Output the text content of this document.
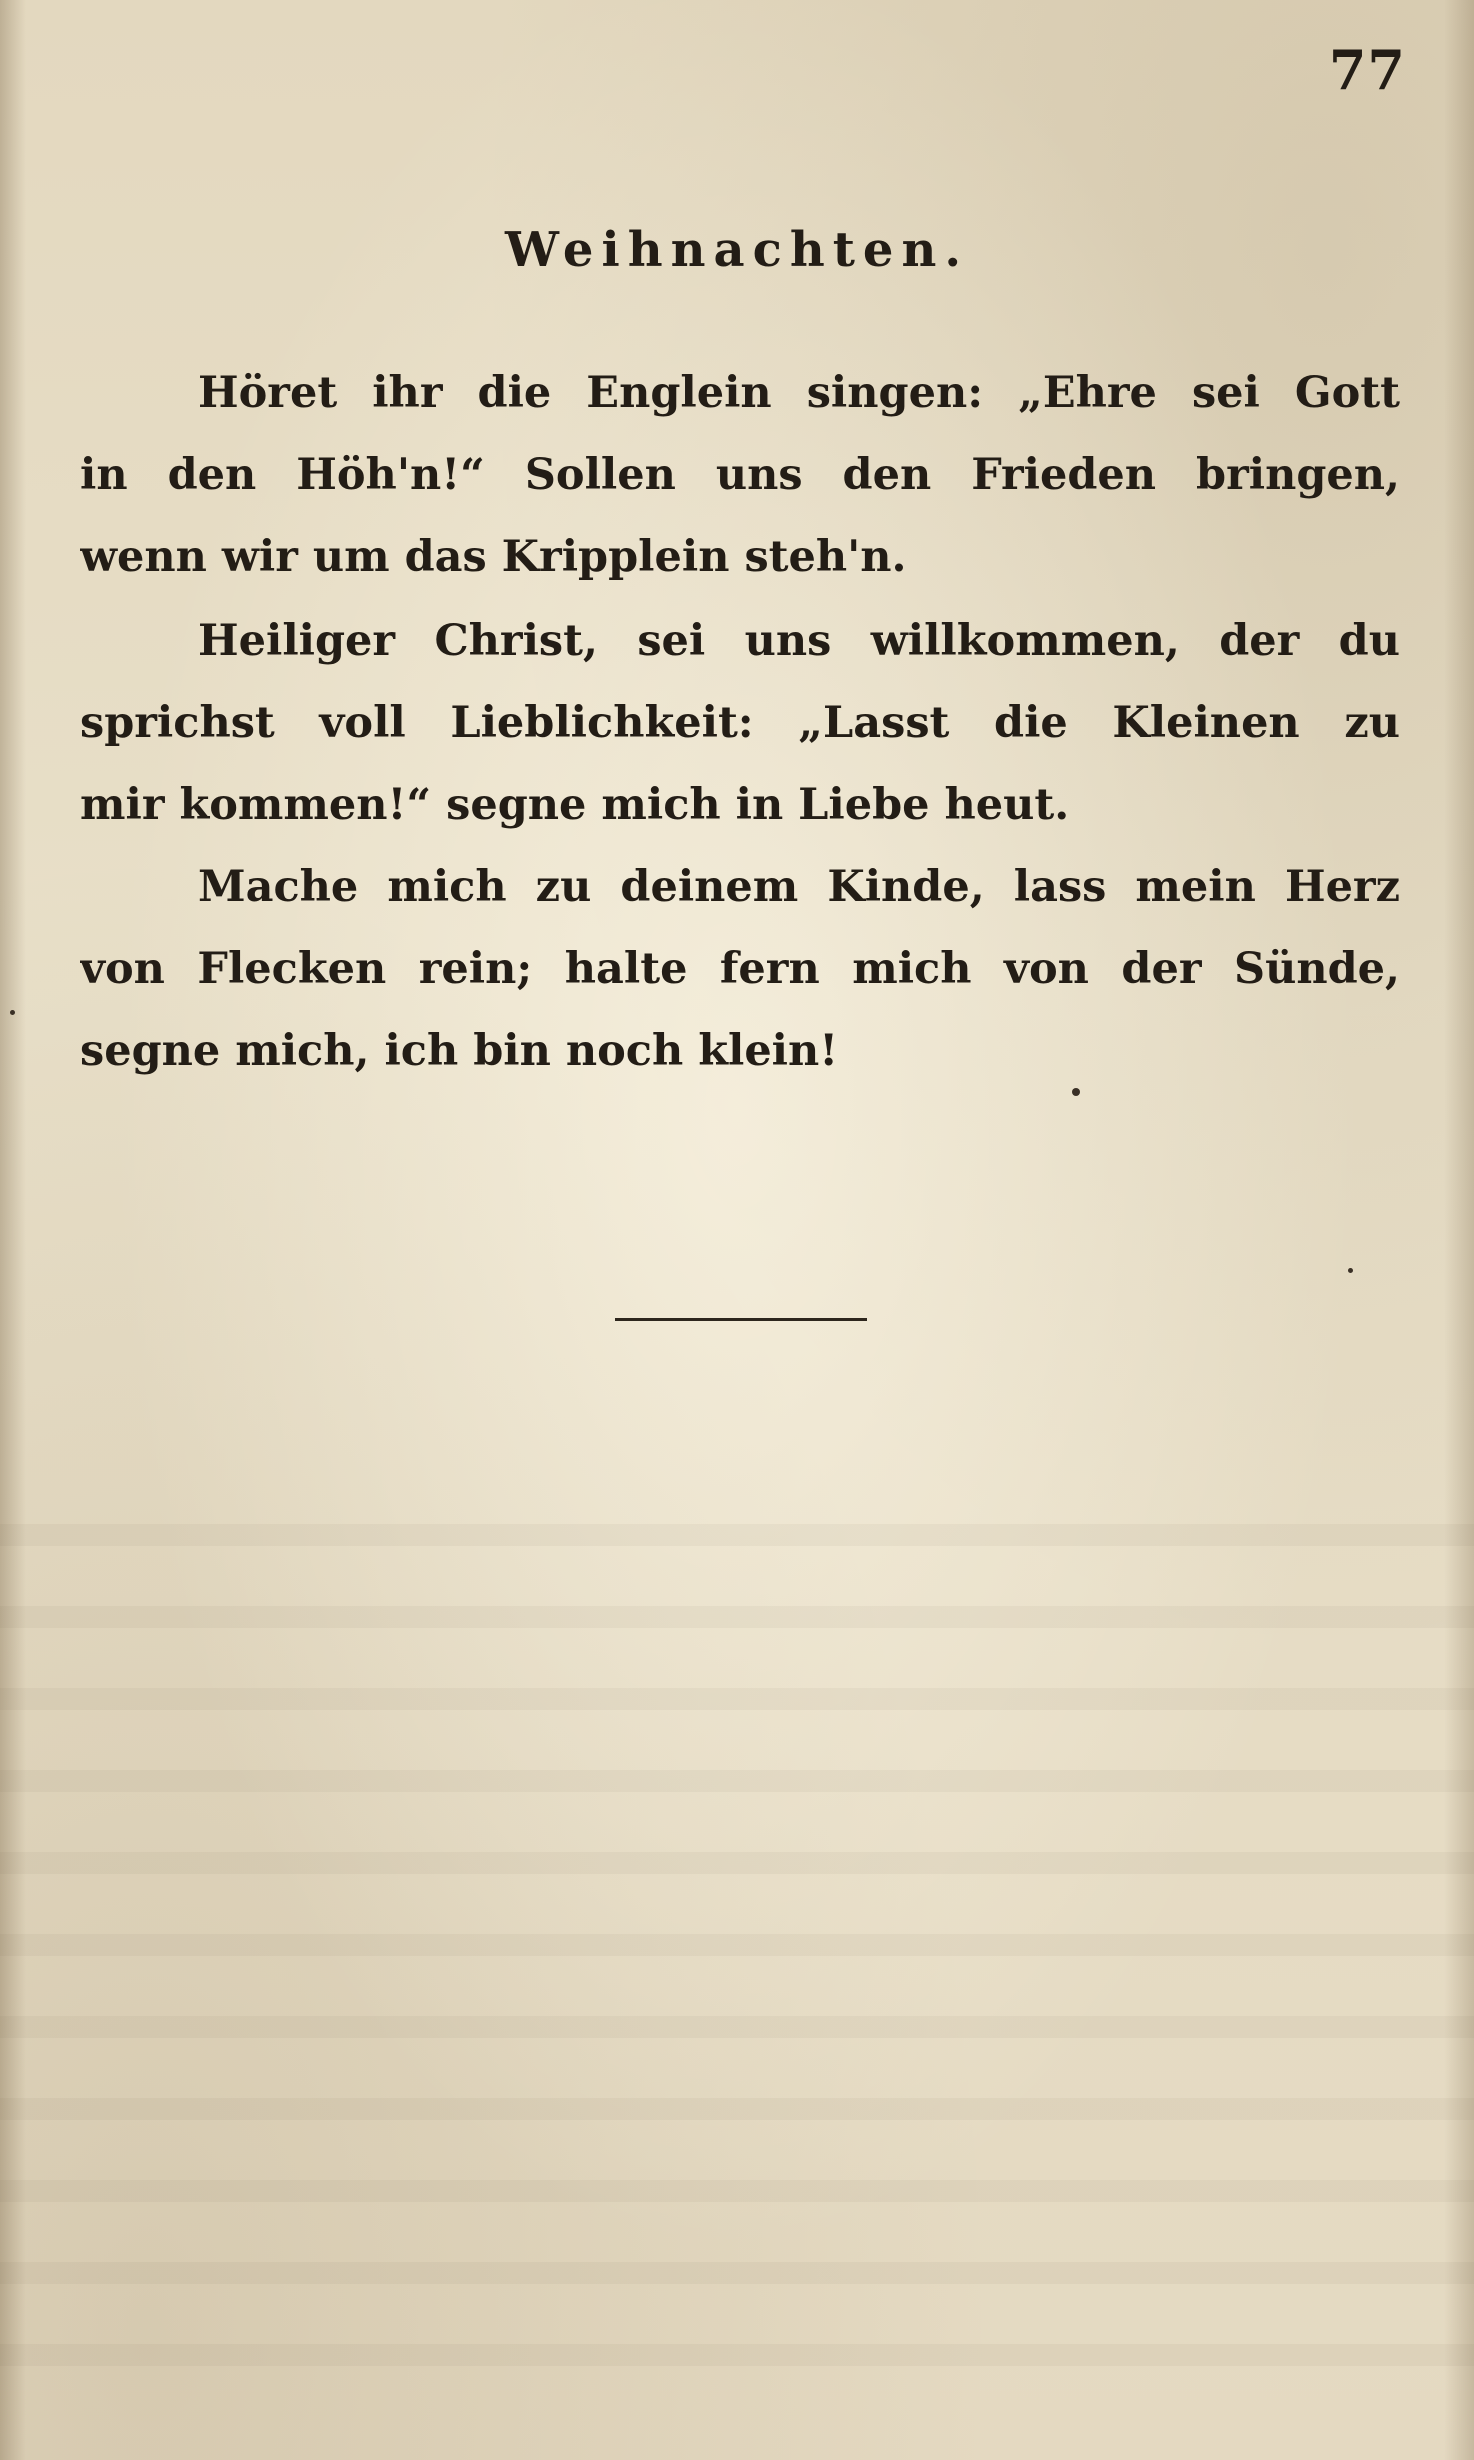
77
Weihnachten.

Höret ihr die Englein singen: „Ehre sei Gott
in den Höh'n!“ Sollen uns den Frieden bringen,
wenn wir um das Kripplein steh'n.

Heiliger Christ, sei uns willkommen, der du
sprichst voll Lieblichkeit: „Lasst die Kleinen zu
mir kommen!“ segne mich in Liebe heut.

Mache mich zu deinem Kinde, lass mein Herz
von Flecken rein; halte fern mich von der Sünde,
segne mich, ich bin noch klein!
